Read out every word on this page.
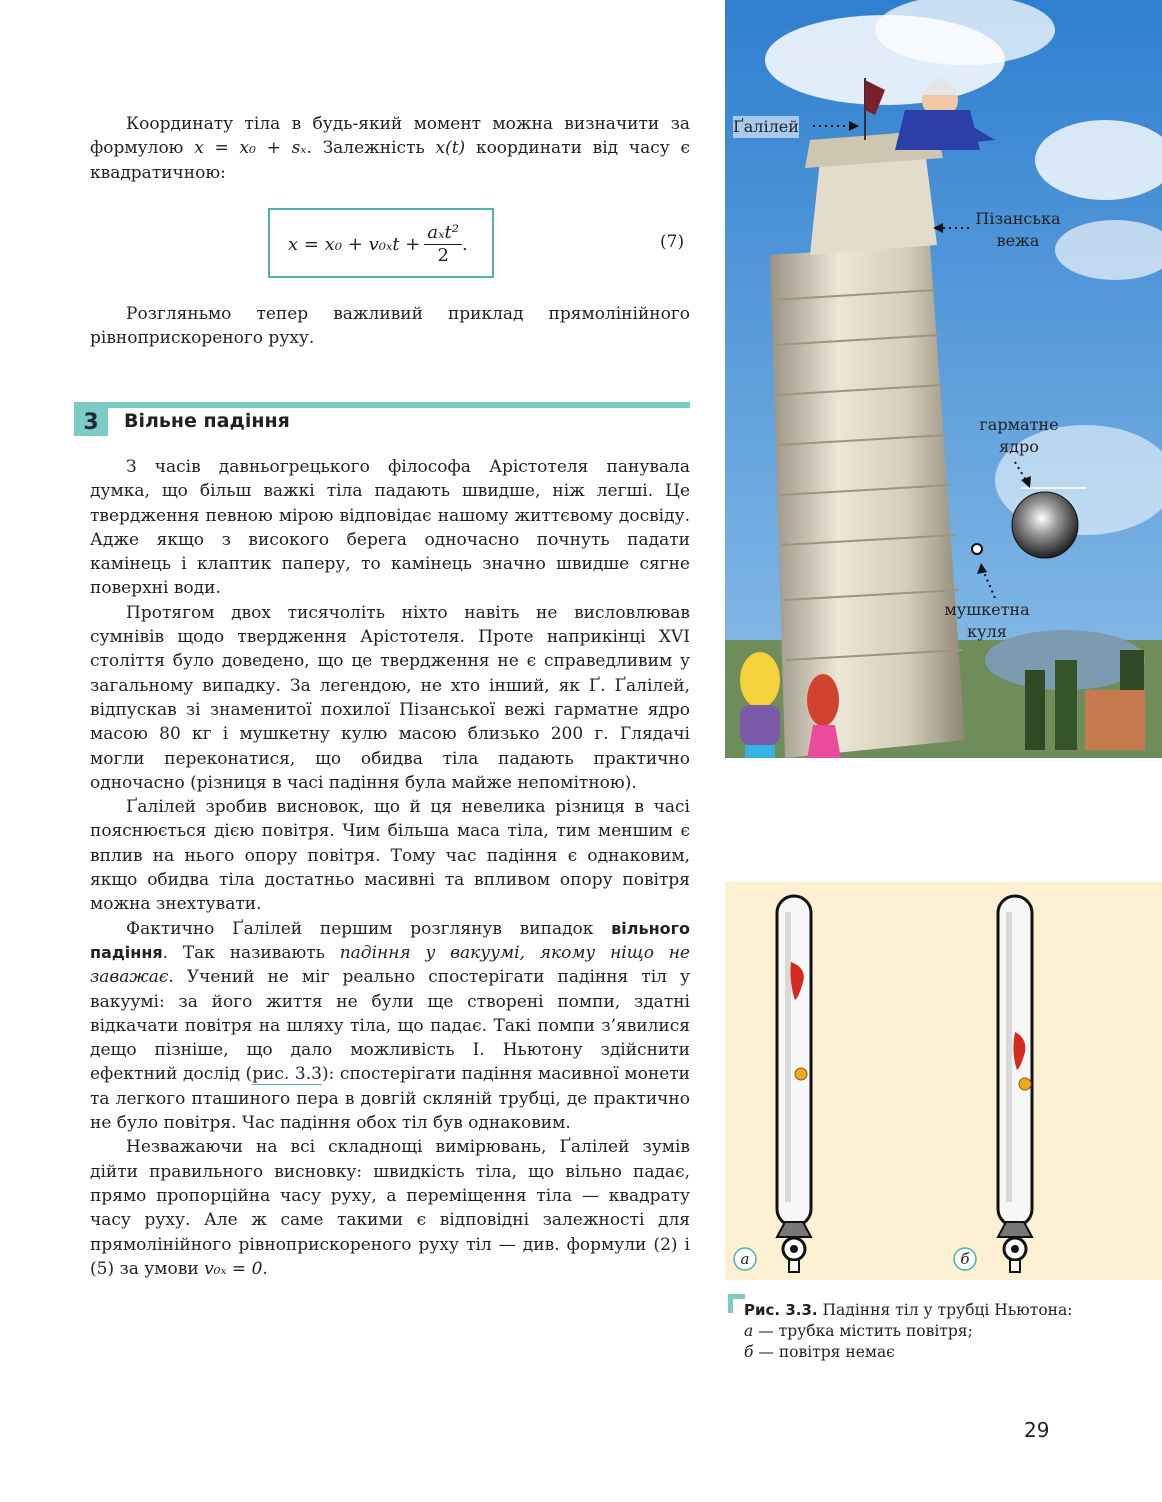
Координату тіла в будь-який момент можна визначити за формулою x = x₀ + sₓ. Залежність x(t) координати від часу є квадратичною:

x = x₀ + v₀ₓt +
aₓt²
2
.	(7)

Розгляньмо тепер важливий приклад прямолінійного рівноприскореного руху.

3	Вільне падіння

З часів давньогрецького філософа Арістотеля панувала думка, що більш важкі тіла падають швидше, ніж легші. Це твердження певною мірою відповідає нашому життєвому досвіду. Адже якщо з високого берега одночасно почнуть падати камінець і клаптик паперу, то камінець значно швидше сягне поверхні води.

Протягом двох тисячоліть ніхто навіть не висловлював сумнівів щодо твердження Арістотеля. Проте наприкінці XVI століття було доведено, що це твердження не є справедливим у загальному випадку. За легендою, не хто інший, як Ґ. Ґалілей, відпускав зі знаменитої похилої Пізанської вежі гарматне ядро масою 80 кг і мушкетну кулю масою близько 200 г. Глядачі могли переконатися, що обидва тіла падають практично одночасно (різниця в часі падіння була майже непомітною).

Ґалілей зробив висновок, що й ця невелика різниця в часі пояснюється дією повітря. Чим більша маса тіла, тим меншим є вплив на нього опору повітря. Тому час падіння є однаковим, якщо обидва тіла достатньо масивні та впливом опору повітря можна знехтувати.

Фактично Ґалілей першим розглянув випадок вільного падіння. Так називають падіння у вакуумі, якому ніщо не заважає. Учений не міг реально спостерігати падіння тіл у вакуумі: за його життя не були ще створені помпи, здатні відкачати повітря на шляху тіла, що падає. Такі помпи з’явилися дещо пізніше, що дало можливість І. Ньютону здійснити ефектний дослід (рис. 3.3): спостерігати падіння масивної монети та легкого пташиного пера в довгій скляній трубці, де практично не було повітря. Час падіння обох тіл був однаковим.

Незважаючи на всі складнощі вимірювань, Ґалілей зумів дійти правильного висновку: швидкість тіла, що вільно падає, прямо пропорційна часу руху, а переміщення тіла — квадрату часу руху. Але ж саме такими є відповідні залежності для прямолінійного рівноприскореного руху тіл — див. формули (2) і (5) за умови v₀ₓ = 0.

Ґалілей
Пізанська вежа
гарматне ядро
мушкетна куля
а	б
Рис. 3.3. Падіння тіл у трубці Ньютона: а — трубка містить повітря;
б — повітря немає
29
